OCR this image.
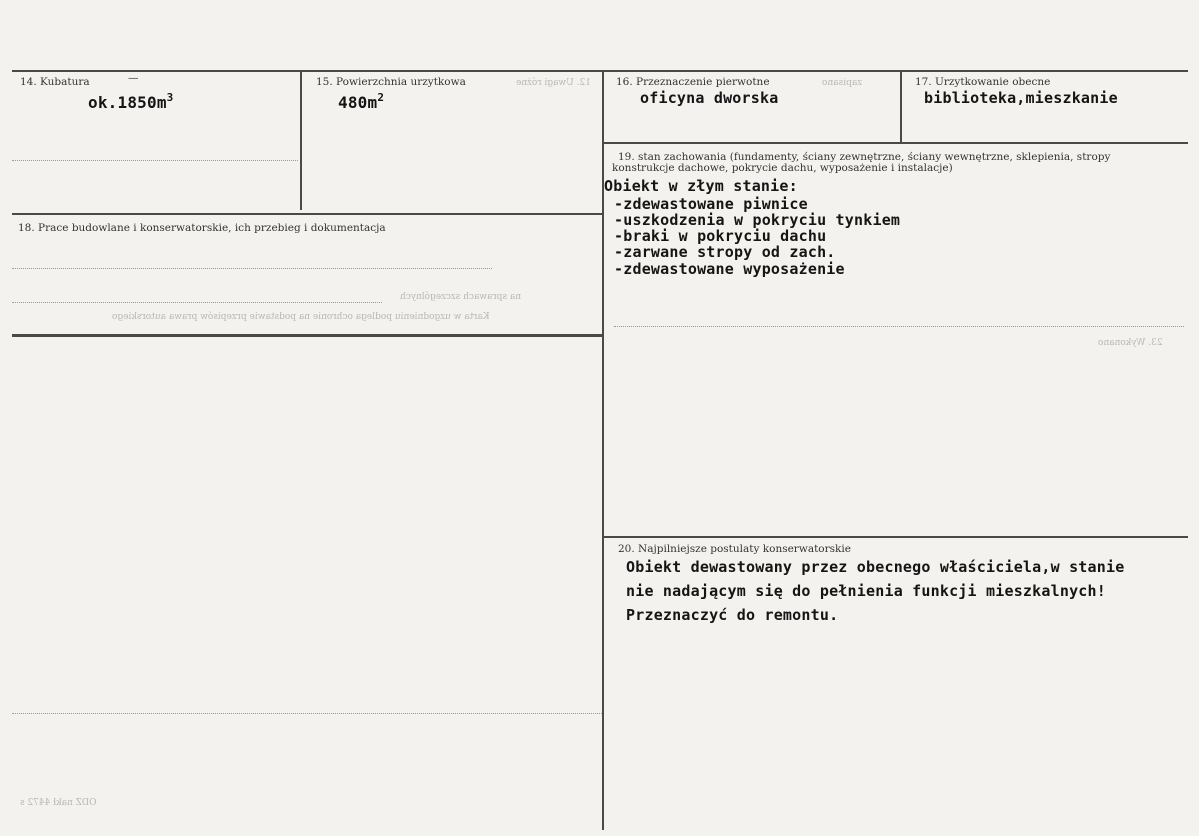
14. Kubatura	—
$ok.1850m^3$
15. Powierzchnia urzytkowa
$480m^2$
16. Przeznaczenie pierwotne
oficyna dworska
17. Urzytkowanie obecne
biblioteka,mieszkanie
18. Prace budowlane i konserwatorskie, ich przebieg i dokumentacja
19. stan zachowania (fundamenty, ściany zewnętrzne, ściany wewnętrzne, sklepienia, stropy
konstrukcje dachowe, pokrycie dachu, wyposażenie i instalacje)
Obiekt w złym stanie:
-zdewastowane piwnice
-uszkodzenia w pokryciu tynkiem
-braki w pokryciu dachu
-zarwane stropy od zach.
-zdewastowane wyposażenie
20. Najpilniejsze postulaty konserwatorskie
Obiekt dewastowany przez obecnego właściciela,w stanie
nie nadającym się do pełnienia funkcji mieszkalnych!
Przeznaczyć do remontu.
12. Uwagi różne	zapisano
na sprawach szczególnych
Karta w uzgodnieniu podlega ochronie na podstawie przepisów prawa autorskiego
23. Wykonano
ODZ nakł 4472 s
